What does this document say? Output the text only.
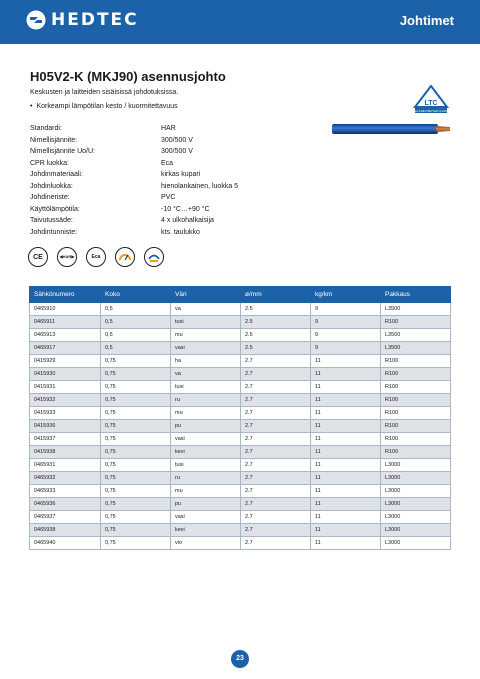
HEDTEC	Johtimet
H05V2-K (MKJ90) asennusjohto
Keskusten ja laitteiden sisäisissä johdotuksissa.
• Korkeampi lämpötilan kesto / kuormitettavuus	LTC
LA FIRE’S BETTER CLASS
Standardi:	HAR
Nimellisjännite:	300/500 V
Nimellisjännite Uo/U:	300/500 V
CPR luokka:	Eca
Johdinmateriaali:	kirkas kupari
Johdinluokka:	hienolankainen, luokka 5
Johdineriste:	PVC
Käyttölämpötila:	-10 °C…+90 °C
Taivutussäde:	4 x ulkohalkaisija
Johdintunniste:	kts. taulukko
CE	◀HAR▶	Eca
Sähkönumero	Koko	Väri	ø/mm	kg/km	Pakkaus
0465910	0,5	va	2.5	9	L3500
0465911	0,5	tusi	2.5	9	R100
0465913	0,5	mu	2.5	9	L3500
0465917	0,5	vasi	2.5	9	L3500
0415929	0,75	ha	2.7	11	R100
0415930	0,75	va	2.7	11	R100
0415931	0,75	tusi	2.7	11	R100
0415932	0,75	ru	2.7	11	R100
0415933	0,75	mu	2.7	11	R100
0415936	0,75	pu	2.7	11	R100
0415937	0,75	vasi	2.7	11	R100
0415938	0,75	kevi	2.7	11	R100
0465931	0,75	tusi	2.7	11	L3000
0465932	0,75	ru	2.7	11	L3000
0465933	0,75	mu	2.7	11	L3000
0465936	0,75	pu	2.7	11	L3000
0465937	0,75	vasi	2.7	11	L3000
0465938	0,75	kevi	2.7	11	L3000
0465940	0,75	vio	2.7	11	L3000
23
